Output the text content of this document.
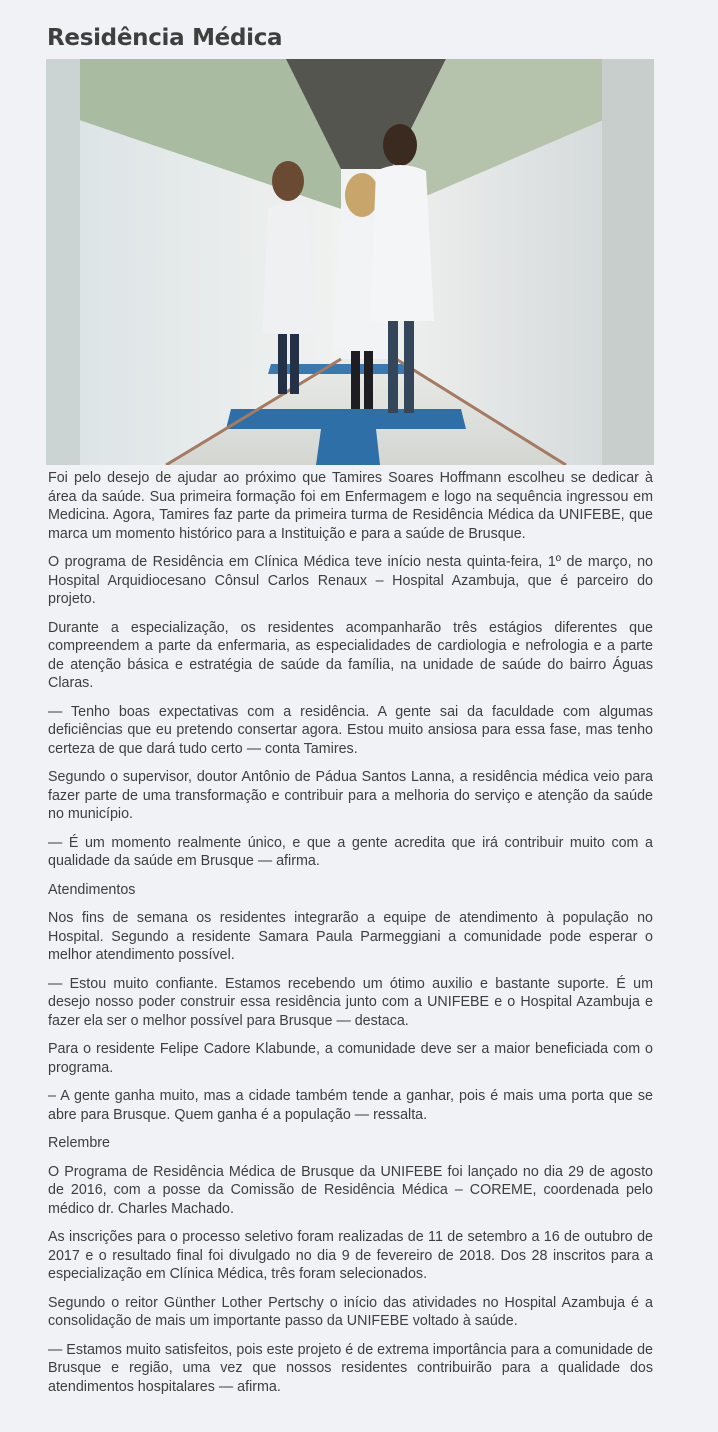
Residência Médica

Foi pelo desejo de ajudar ao próximo que Tamires Soares Hoffmann escolheu se dedicar à área da saúde. Sua primeira formação foi em Enfermagem e logo na sequência ingressou em Medicina. Agora, Tamires faz parte da primeira turma de Residência Médica da UNIFEBE, que marca um momento histórico para a Instituição e para a saúde de Brusque.

O programa de Residência em Clínica Médica teve início nesta quinta-feira, 1º de março, no Hospital Arquidiocesano Cônsul Carlos Renaux – Hospital Azambuja, que é parceiro do projeto.

Durante a especialização, os residentes acompanharão três estágios diferentes que compreendem a parte da enfermaria, as especialidades de cardiologia e nefrologia e a parte de atenção básica e estratégia de saúde da família, na unidade de saúde do bairro Águas Claras.

— Tenho boas expectativas com a residência. A gente sai da faculdade com algumas deficiências que eu pretendo consertar agora. Estou muito ansiosa para essa fase, mas tenho certeza de que dará tudo certo — conta Tamires.

Segundo o supervisor, doutor Antônio de Pádua Santos Lanna, a residência médica veio para fazer parte de uma transformação e contribuir para a melhoria do serviço e atenção da saúde no município.

— É um momento realmente único, e que a gente acredita que irá contribuir muito com a qualidade da saúde em Brusque — afirma.

Atendimentos

Nos fins de semana os residentes integrarão a equipe de atendimento à população no Hospital. Segundo a residente Samara Paula Parmeggiani a comunidade pode esperar o melhor atendimento possível.

— Estou muito confiante. Estamos recebendo um ótimo auxilio e bastante suporte. É um desejo nosso poder construir essa residência junto com a UNIFEBE e o Hospital Azambuja e fazer ela ser o melhor possível para Brusque — destaca.

Para o residente Felipe Cadore Klabunde, a comunidade deve ser a maior beneficiada com o programa.

– A gente ganha muito, mas a cidade também tende a ganhar, pois é mais uma porta que se abre para Brusque. Quem ganha é a população — ressalta.

Relembre

O Programa de Residência Médica de Brusque da UNIFEBE foi lançado no dia 29 de agosto de 2016, com a posse da Comissão de Residência Médica – COREME, coordenada pelo médico dr. Charles Machado.

As inscrições para o processo seletivo foram realizadas de 11 de setembro a 16 de outubro de 2017 e o resultado final foi divulgado no dia 9 de fevereiro de 2018. Dos 28 inscritos para a especialização em Clínica Médica, três foram selecionados.

Segundo o reitor Günther Lother Pertschy o início das atividades no Hospital Azambuja é a consolidação de mais um importante passo da UNIFEBE voltado à saúde.

— Estamos muito satisfeitos, pois este projeto é de extrema importância para a comunidade de Brusque e região, uma vez que nossos residentes contribuirão para a qualidade dos atendimentos hospitalares — afirma.
